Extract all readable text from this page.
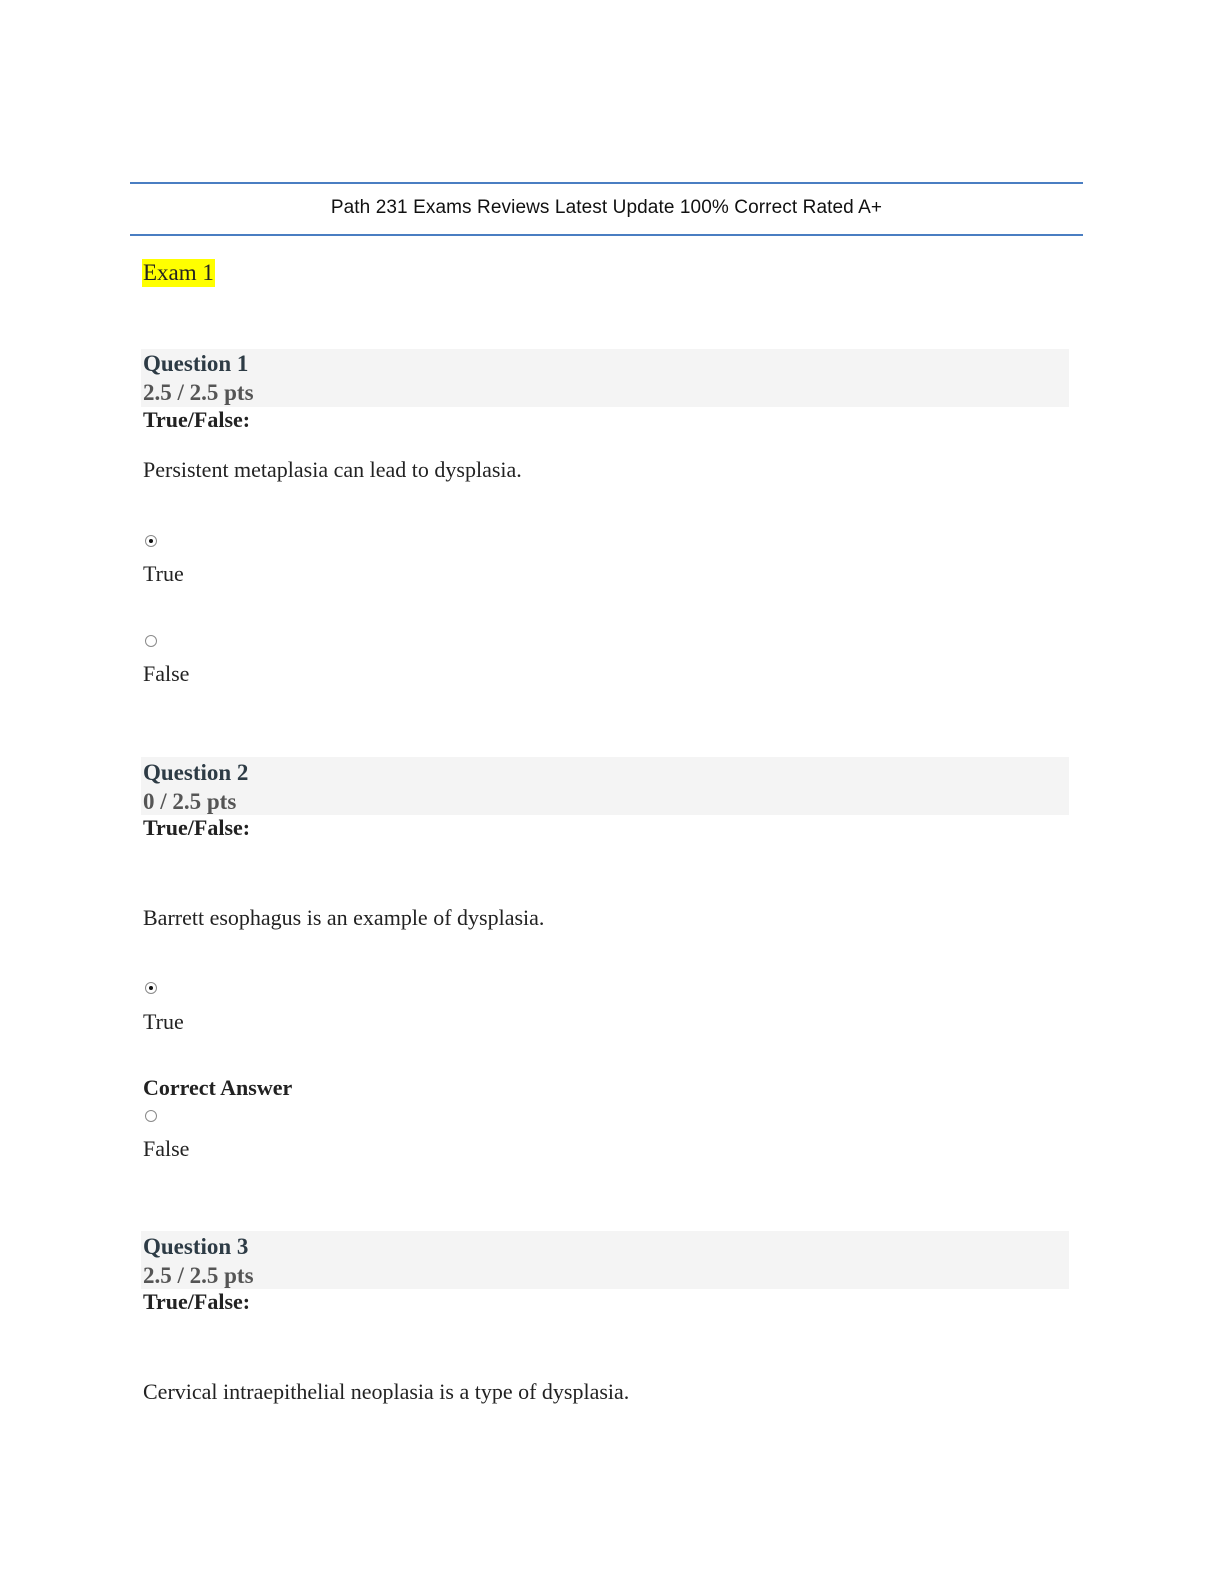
Path 231 Exams Reviews Latest Update 100% Correct Rated A+
Exam 1
Question 1
2.5 / 2.5 pts
True/False:
Persistent metaplasia can lead to dysplasia.
True
False
Question 2
0 / 2.5 pts
True/False:
Barrett esophagus is an example of dysplasia.
True
Correct Answer
False
Question 3
2.5 / 2.5 pts
True/False:
Cervical intraepithelial neoplasia is a type of dysplasia.
